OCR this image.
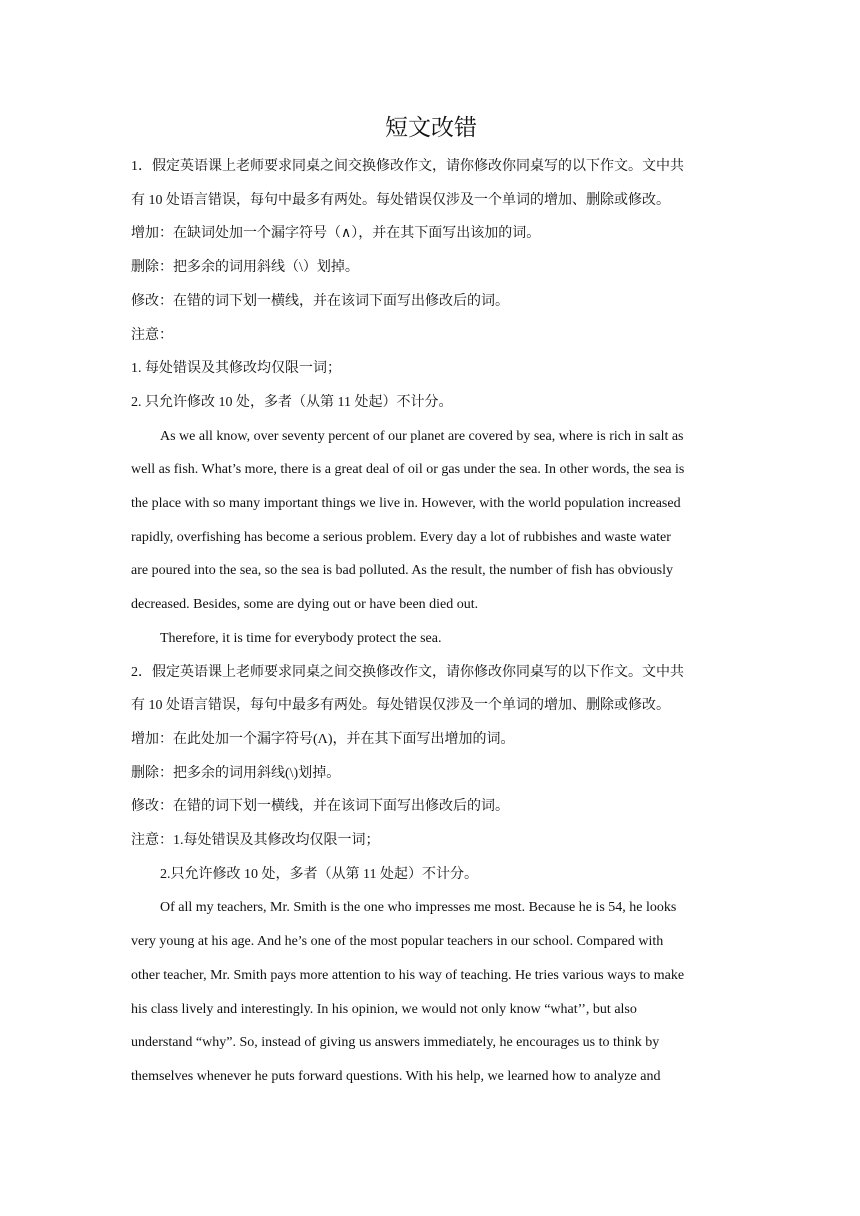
短文改错
1．假定英语课上老师要求同桌之间交换修改作文，请你修改你同桌写的以下作文。文中共
有 10 处语言错误，每句中最多有两处。每处错误仅涉及一个单词的增加、删除或修改。
增加：在缺词处加一个漏字符号（∧），并在其下面写出该加的词。
删除：把多余的词用斜线（\）划掉。
修改：在错的词下划一横线，并在该词下面写出修改后的词。
注意：
1. 每处错误及其修改均仅限一词；
2. 只允许修改 10 处，多者（从第 11 处起）不计分。
As we all know, over seventy percent of our planet are covered by sea, where is rich in salt as
well as fish. What’s more, there is a great deal of oil or gas under the sea. In other words, the sea is
the place with so many important things we live in. However, with the world population increased
rapidly, overfishing has become a serious problem. Every day a lot of rubbishes and waste water
are poured into the sea, so the sea is bad polluted. As the result, the number of fish has obviously
decreased. Besides, some are dying out or have been died out.
Therefore, it is time for everybody protect the sea.
2．假定英语课上老师要求同桌之间交换修改作文，请你修改你同桌写的以下作文。文中共
有 10 处语言错误，每句中最多有两处。每处错误仅涉及一个单词的增加、删除或修改。
增加：在此处加一个漏字符号(Λ)，并在其下面写出增加的词。
删除：把多余的词用斜线(\)划掉。
修改：在错的词下划一横线，并在该词下面写出修改后的词。
注意：1.每处错误及其修改均仅限一词；
2.只允许修改 10 处，多者（从第 11 处起）不计分。
Of all my teachers, Mr. Smith is the one who impresses me most. Because he is 54, he looks
very young at his age. And he’s one of the most popular teachers in our school. Compared with
other teacher, Mr. Smith pays more attention to his way of teaching. He tries various ways to make
his class lively and interestingly. In his opinion, we would not only know “what’’, but also
understand “why”. So, instead of giving us answers immediately, he encourages us to think by
themselves whenever he puts forward questions. With his help, we learned how to analyze and
